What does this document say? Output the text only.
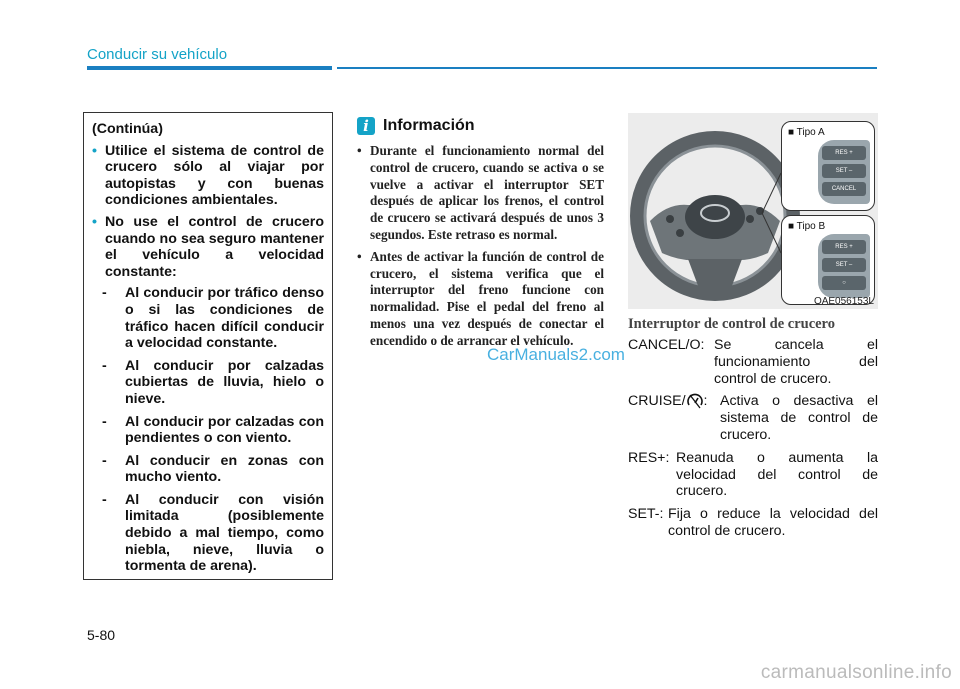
Conducir su vehículo
(Continúa)
• Utilice el sistema de control de crucero sólo al viajar por autopistas y con buenas condiciones ambientales.
• No use el control de crucero cuando no sea seguro mantener el vehículo a velocidad constante:
- Al conducir por tráfico denso o si las condiciones de tráfico hacen difícil conducir a velocidad constante.
- Al conducir por calzadas cubiertas de lluvia, hielo o nieve.
- Al conducir por calzadas con pendientes o con viento.
- Al conducir en zonas con mucho viento.
- Al conducir con visión limitada (posiblemente debido a mal tiempo, como niebla, nieve, lluvia o tormenta de arena).
i Información
• Durante el funcionamiento normal del control de crucero, cuando se activa o se vuelve a activar el interruptor SET después de aplicar los frenos, el control de crucero se activará después de unos 3 segundos. Este retraso es normal.
• Antes de activar la función de control de crucero, el sistema verifica que el interruptor del freno funcione con normalidad. Pise el pedal del freno al menos una vez después de conectar el encendido o de arrancar el vehículo.
CarManuals2.com
■ Tipo A
RES +
SET –
CANCEL
■ Tipo B
RES +
SET –
○
OAE056153L
Interruptor de control de crucero
CANCEL/O: Se cancela el funcionamiento del control de crucero.
CRUISE/ : Activa o desactiva el sistema de control de crucero.
RES+: Reanuda o aumenta la velocidad del control de crucero.
SET-: Fija o reduce la velocidad del control de crucero.
5-80
carmanualsonline.info
